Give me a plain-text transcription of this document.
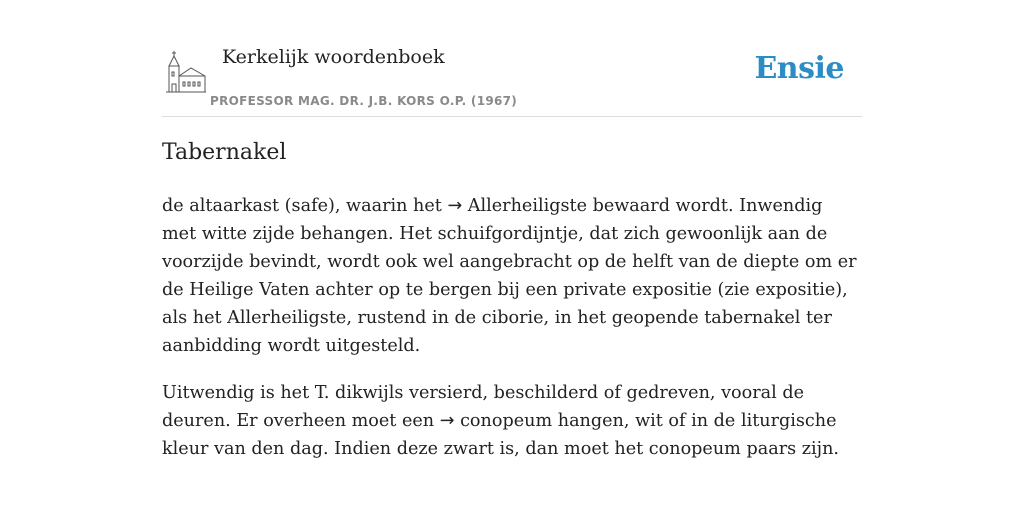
Kerkelijk woordenboek
PROFESSOR MAG. DR. J.B. KORS O.P. (1967)
Ensie
Tabernakel

de altaarkast (safe), waarin het → Allerheiligste bewaard wordt. Inwendig met witte zijde behangen. Het schuifgordijntje, dat zich gewoonlijk aan de voorzijde bevindt, wordt ook wel aangebracht op de helft van de diepte om er de Heilige Vaten achter op te bergen bij een private expositie (zie expositie), als het Allerheiligste, rustend in de ciborie, in het geopende tabernakel ter aanbidding wordt uitgesteld.

Uitwendig is het T. dikwijls versierd, beschilderd of gedreven, vooral de deuren. Er overheen moet een → conopeum hangen, wit of in de liturgische kleur van den dag. Indien deze zwart is, dan moet het conopeum paars zijn.
